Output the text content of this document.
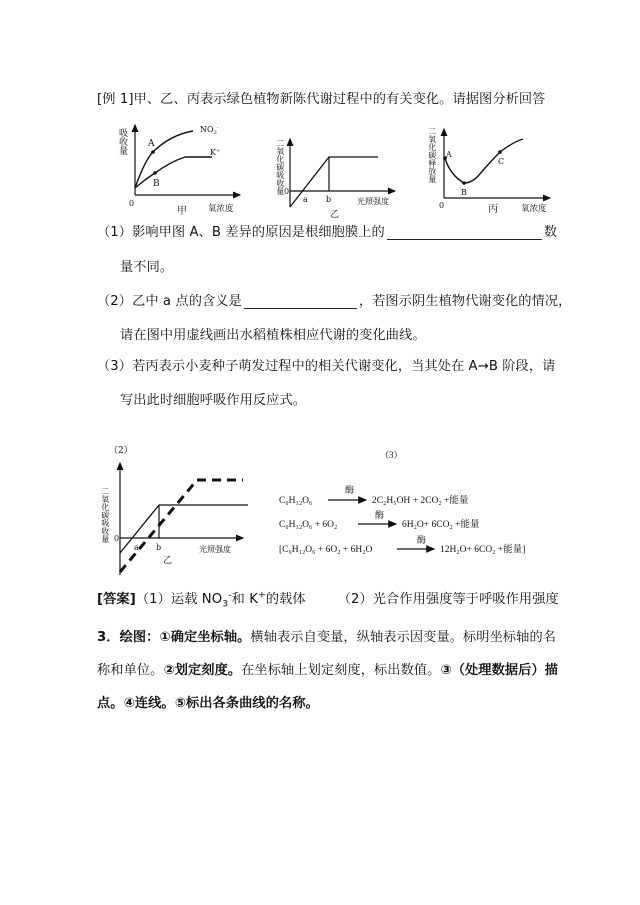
[例 1]甲、乙、丙表示绿色植物新陈代谢过程中的有关变化。请据图分析回答
A
B
0
$NO_3^-$
K+
甲 氧浓度
吸收量
0
a b	光照强度
乙
二氧化碳吸收量	A
B
C
0	丙	氧浓度
二氧化碳释放量
（1）影响甲图 A、B 差异的原因是根细胞膜上的	数
量不同。
（2）乙中 a 点的含义是	，若图示阴生植物代谢变化的情况，
请在图中用虚线画出水稻植株相应代谢的变化曲线。
（3）若丙表示小麦种子萌发过程中的相关代谢变化，当其处在 A→B 阶段，请
写出此时细胞呼吸作用反应式。
（2）
0
a b	光照强度
乙
二氧化碳吸收量
（3）
C₆H₁₂O₆
酶
2C₂H₅OH + 2CO₂ +能量
C₆H₁₂O₆ + 6O₂
酶
6H₂O+ 6CO₂ +能量
[C₆H₁₂O₆ + 6O₂ + 6H₂O
酶
12H₂O+ 6CO₂ +能量]
[答案]（1）运载 $NO_3^-$和 K+的载体 （2）光合作用强度等于呼吸作用强度
3．绘图：①确定坐标轴。横轴表示自变量，纵轴表示因变量。标明坐标轴的名
称和单位。②划定刻度。在坐标轴上划定刻度，标出数值。③（处理数据后）描
点。④连线。⑤标出各条曲线的名称。
